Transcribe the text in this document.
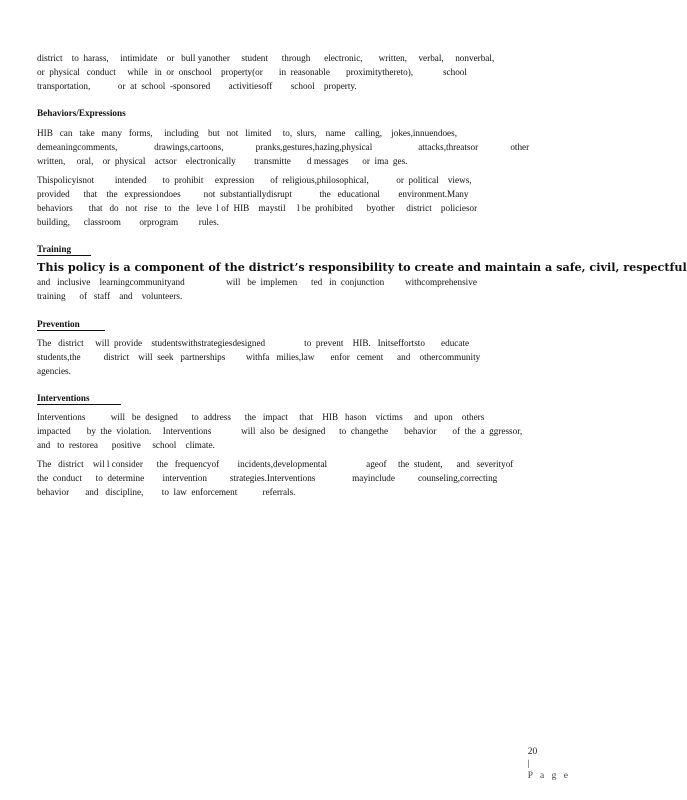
district    to  harass,     intimidate    or   bull yanother     student      through      electronic,       written,     verbal,     nonverbal,
or  physical   conduct     while   in  or  onschool    property(or       in  reasonable       proximitythereto),             school
transportation,            or  at  school  -sponsored        activitiesoff        school    property.
Behaviors/Expressions
HIB   can   take   many   forms,     including    but   not   limited     to,  slurs,    name    calling,    jokes,innuendoes,
demeaningcomments,                drawings,cartoons,              pranks,gestures,hazing,physical                    attacks,threatsor              other
written,     oral,    or  physical    actsor    electronically        transmitte       d messages      or  ima  ges.
Thispolicyisnot         intended       to  prohibit     expression       of  religious,philosophical,            or  political    views,
provided      that    the   expressiondoes          not  substantiallydisrupt            the   educational        environment.Many
behaviors       that   do   not   rise   to   the   leve  l of  HIB    maystil     l be  prohibited      byother     district    policiesor
building,      classroom        orprogram         rules.
Training
This policy is a component of the district’s responsibility to create and maintain a safe, civil, respectful
and   inclusive    learningcommunityand                  will   be  implemen      ted   in  conjunction         withcomprehensive
training      of   staff    and    volunteers.
Prevention
The   district     will  provide    studentswithstrategiesdesigned                 to  prevent    HIB.   Initseffortsto       educate
students,the          district    will  seek   partnerships         withfa   milies,law       enfor   cement      and    othercommunity
agencies.
Interventions
Interventions           will   be  designed      to  address      the   impact     that    HIB   hason    victims     and   upon    others
impacted       by  the  violation.     Interventions             will  also  be  designed      to  changethe       behavior       of  the  a  ggressor,
and   to  restorea      positive     school    climate.
The   district    wil l consider      the   frequencyof        incidents,developmental                 ageof     the  student,      and   severityof
the  conduct      to  determine        intervention          strategies.Interventions                mayinclude          counseling,correcting
behavior       and   discipline,        to  law  enforcement           referrals.

20
|
P a g e
